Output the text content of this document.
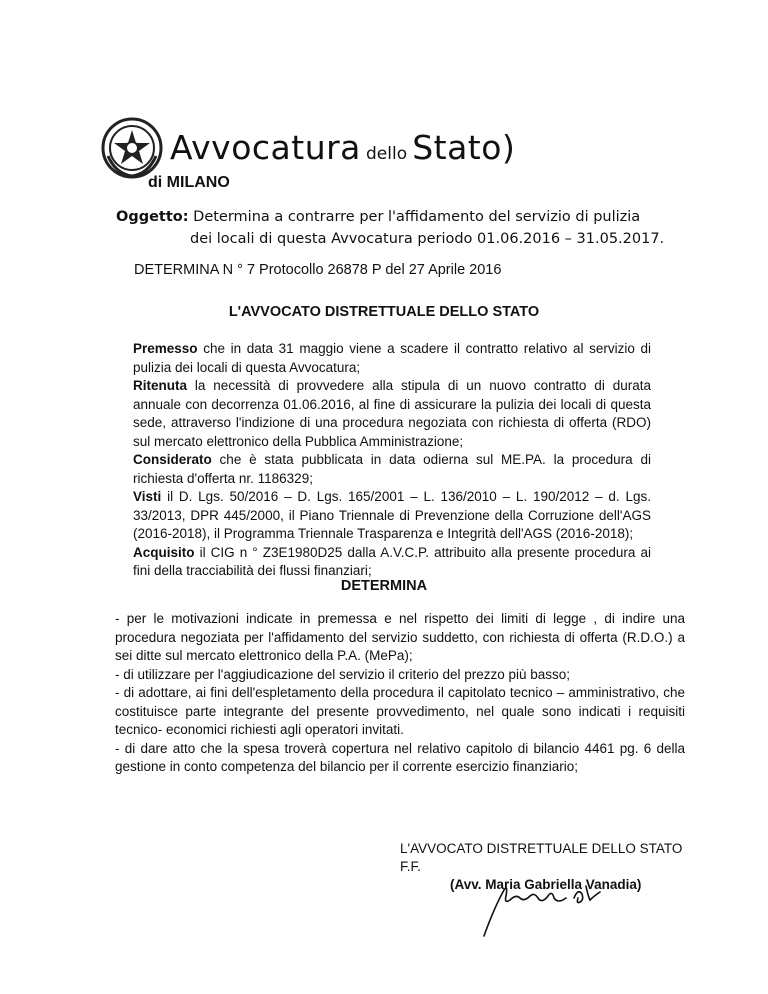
Avvocatura dello Stato)
di MILANO
Oggetto: Determina a contrarre per l'affidamento del servizio di pulizia
dei locali di questa Avvocatura periodo 01.06.2016 – 31.05.2017.
DETERMINA N ° 7 Protocollo 26878 P del 27 Aprile 2016
L'AVVOCATO DISTRETTUALE DELLO STATO

Premesso che in data 31 maggio viene a scadere il contratto relativo al servizio di pulizia dei locali di questa Avvocatura;

Ritenuta la necessità di provvedere alla stipula di un nuovo contratto di durata annuale con decorrenza 01.06.2016, al fine di assicurare la pulizia dei locali di questa sede, attraverso l'indizione di una procedura negoziata con richiesta di offerta (RDO) sul mercato elettronico della Pubblica Amministrazione;

Considerato che è stata pubblicata in data odierna sul ME.PA. la procedura di richiesta d'offerta nr. 1186329;

Visti il D. Lgs. 50/2016 – D. Lgs. 165/2001 – L. 136/2010 – L. 190/2012 – d. Lgs. 33/2013, DPR 445/2000, il Piano Triennale di Prevenzione della Corruzione dell'AGS (2016-2018), il Programma Triennale Trasparenza e Integrità dell'AGS (2016-2018);

Acquisito il CIG n ° Z3E1980D25 dalla A.V.C.P. attribuito alla presente procedura ai fini della tracciabilità dei flussi finanziari;

DETERMINA

- per le motivazioni indicate in premessa e nel rispetto dei limiti di legge , di indire una procedura negoziata per l'affidamento del servizio suddetto, con richiesta di offerta (R.D.O.) a sei ditte sul mercato elettronico della P.A. (MePa);

- di utilizzare per l'aggiudicazione del servizio il criterio del prezzo più basso;

- di adottare, ai fini dell'espletamento della procedura il capitolato tecnico – amministrativo, che costituisce parte integrante del presente provvedimento, nel quale sono indicati i requisiti tecnico- economici richiesti agli operatori invitati.

- di dare atto che la spesa troverà copertura nel relativo capitolo di bilancio 4461 pg. 6 della gestione in conto competenza del bilancio per il corrente esercizio finanziario;

L'AVVOCATO DISTRETTUALE DELLO STATO F.F.
(Avv. Maria Gabriella Vanadia)
